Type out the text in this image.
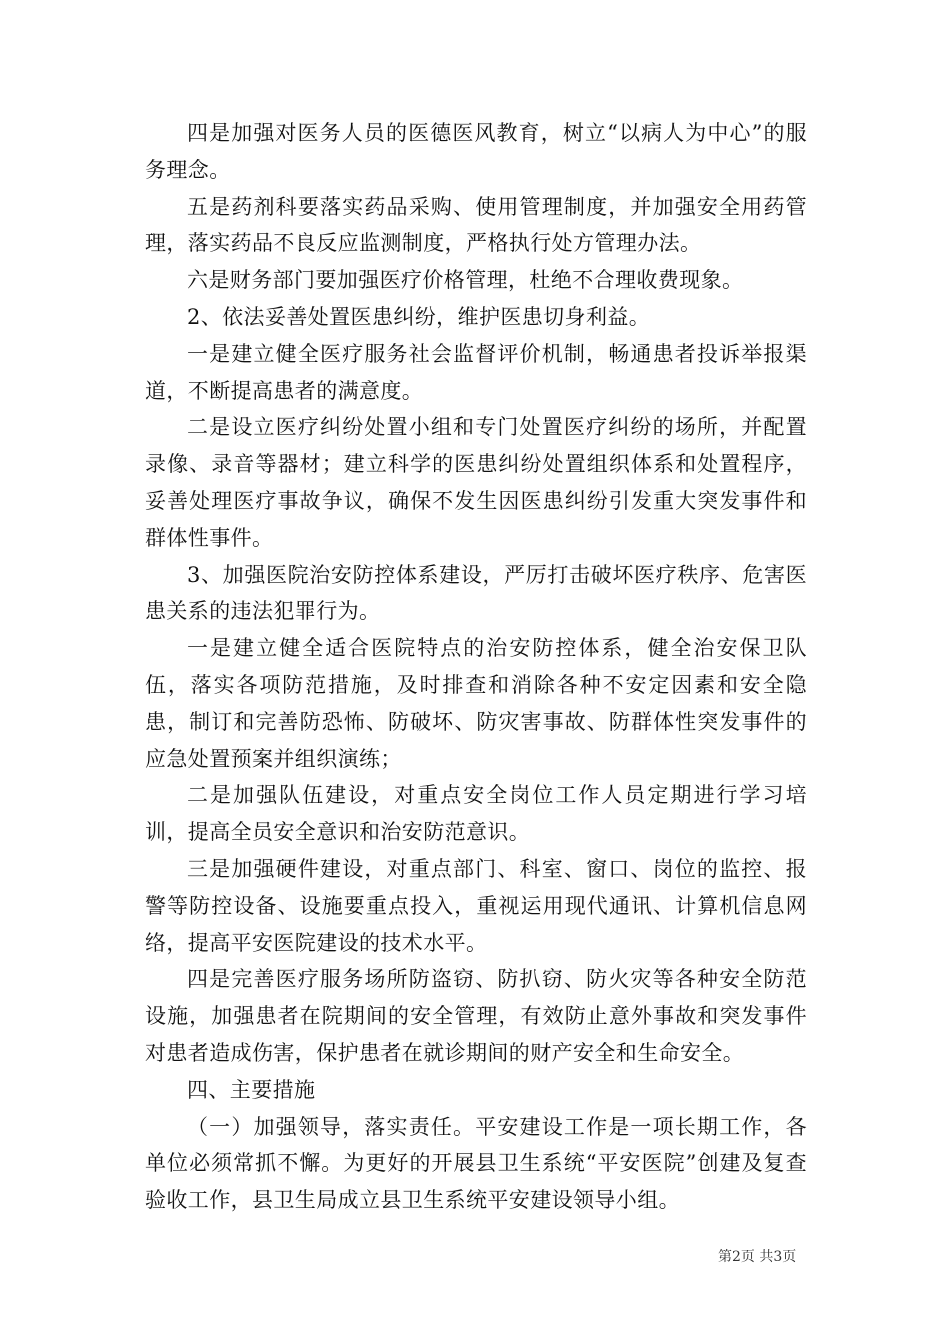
四是加强对医务人员的医德医风教育，树立“以病人为中心”的服务理念。

五是药剂科要落实药品采购、使用管理制度，并加强安全用药管理，落实药品不良反应监测制度，严格执行处方管理办法。

六是财务部门要加强医疗价格管理，杜绝不合理收费现象。

2、依法妥善处置医患纠纷，维护医患切身利益。

一是建立健全医疗服务社会监督评价机制，畅通患者投诉举报渠道，不断提高患者的满意度。

二是设立医疗纠纷处置小组和专门处置医疗纠纷的场所，并配置录像、录音等器材；建立科学的医患纠纷处置组织体系和处置程序，妥善处理医疗事故争议，确保不发生因医患纠纷引发重大突发事件和群体性事件。

3、加强医院治安防控体系建设，严厉打击破坏医疗秩序、危害医患关系的违法犯罪行为。

一是建立健全适合医院特点的治安防控体系，健全治安保卫队伍，落实各项防范措施，及时排查和消除各种不安定因素和安全隐患，制订和完善防恐怖、防破坏、防灾害事故、防群体性突发事件的应急处置预案并组织演练；

二是加强队伍建设，对重点安全岗位工作人员定期进行学习培训，提高全员安全意识和治安防范意识。

三是加强硬件建设，对重点部门、科室、窗口、岗位的监控、报警等防控设备、设施要重点投入，重视运用现代通讯、计算机信息网络，提高平安医院建设的技术水平。

四是完善医疗服务场所防盗窃、防扒窃、防火灾等各种安全防范设施，加强患者在院期间的安全管理，有效防止意外事故和突发事件对患者造成伤害，保护患者在就诊期间的财产安全和生命安全。

四、主要措施

（一）加强领导，落实责任。平安建设工作是一项长期工作，各单位必须常抓不懈。为更好的开展县卫生系统“平安医院”创建及复查验收工作，县卫生局成立县卫生系统平安建设领导小组。

第2页 共3页
